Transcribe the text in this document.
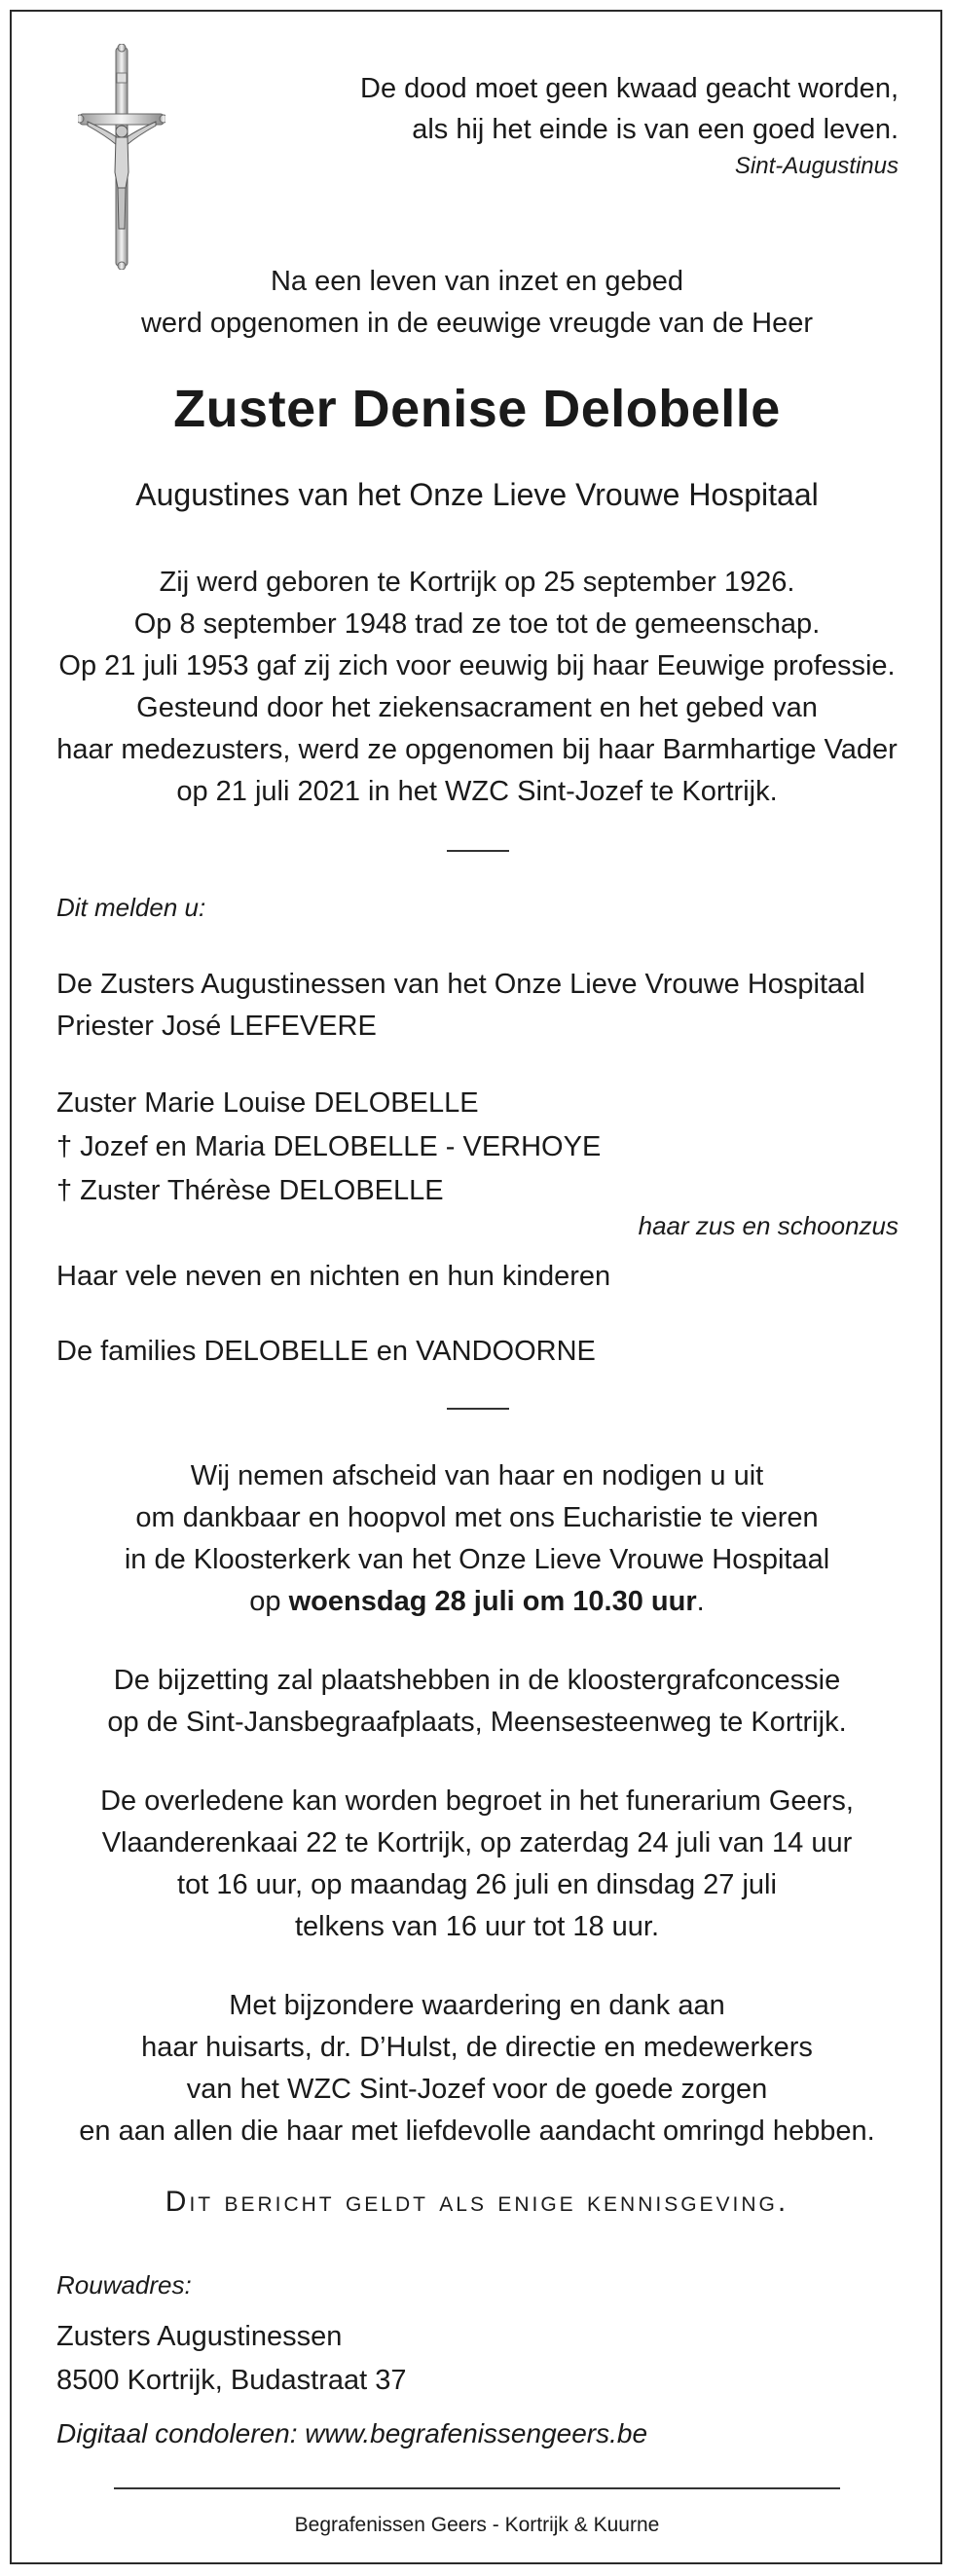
De dood moet geen kwaad geacht worden,
als hij het einde is van een goed leven.
Sint-Augustinus
Na een leven van inzet en gebed
werd opgenomen in de eeuwige vreugde van de Heer
Zuster Denise Delobelle
Augustines van het Onze Lieve Vrouwe Hospitaal
Zij werd geboren te Kortrijk op 25 september 1926.
Op 8 september 1948 trad ze toe tot de gemeenschap.
Op 21 juli 1953 gaf zij zich voor eeuwig bij haar Eeuwige professie.
Gesteund door het ziekensacrament en het gebed van
haar medezusters, werd ze opgenomen bij haar Barmhartige Vader
op 21 juli 2021 in het WZC Sint-Jozef te Kortrijk.
Dit melden u:
De Zusters Augustinessen van het Onze Lieve Vrouwe Hospitaal
Priester José LEFEVERE
Zuster Marie Louise DELOBELLE
† Jozef en Maria DELOBELLE - VERHOYE
† Zuster Thérèse DELOBELLE
haar zus en schoonzus
Haar vele neven en nichten en hun kinderen
De families DELOBELLE en VANDOORNE
Wij nemen afscheid van haar en nodigen u uit
om dankbaar en hoopvol met ons Eucharistie te vieren
in de Kloosterkerk van het Onze Lieve Vrouwe Hospitaal
op woensdag 28 juli om 10.30 uur.
De bijzetting zal plaatshebben in de kloostergrafconcessie
op de Sint-Jansbegraafplaats, Meensesteenweg te Kortrijk.
De overledene kan worden begroet in het funerarium Geers,
Vlaanderenkaai 22 te Kortrijk, op zaterdag 24 juli van 14 uur
tot 16 uur, op maandag 26 juli en dinsdag 27 juli
telkens van 16 uur tot 18 uur.
Met bijzondere waardering en dank aan
haar huisarts, dr. D’Hulst, de directie en medewerkers
van het WZC Sint-Jozef voor de goede zorgen
en aan allen die haar met liefdevolle aandacht omringd hebben.
Dit bericht geldt als enige kennisgeving.
Rouwadres:
Zusters Augustinessen
8500 Kortrijk, Budastraat 37
Digitaal condoleren: www.begrafenissengeers.be
Begrafenissen Geers - Kortrijk & Kuurne
